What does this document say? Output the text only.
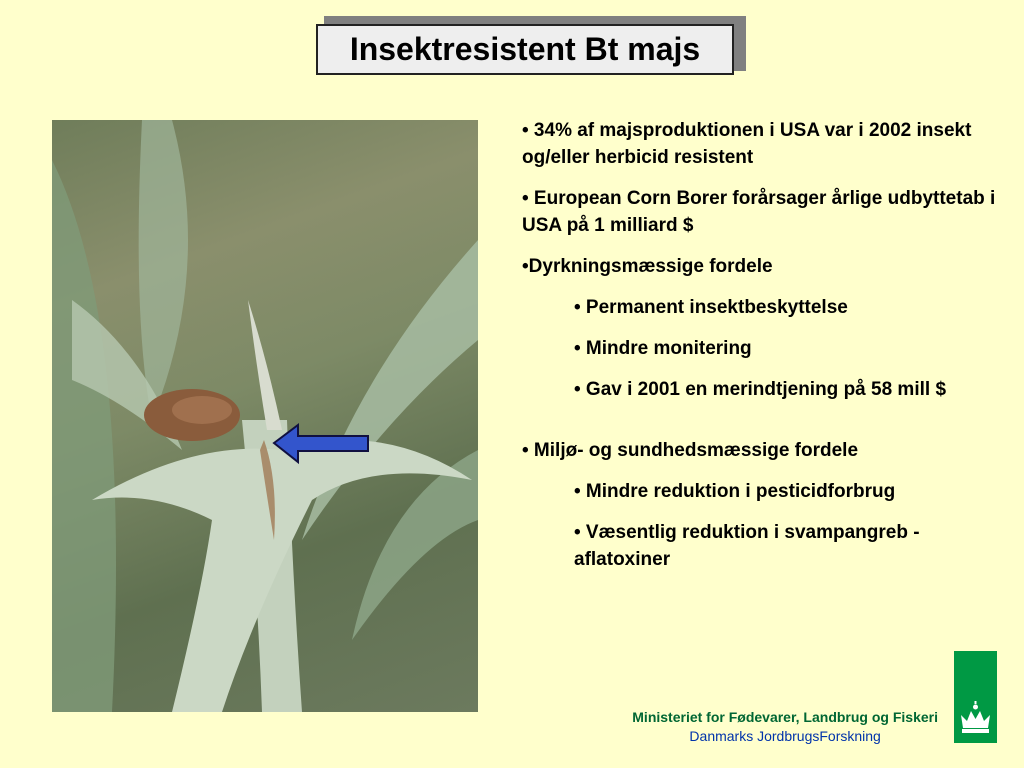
Insektresistent Bt majs

• 34% af majsproduktionen i USA var i 2002 insekt og/eller herbicid resistent

• European Corn Borer forårsager årlige udbyttetab i USA på 1 milliard $

•Dyrkningsmæssige fordele

• Permanent insektbeskyttelse

• Mindre monitering

• Gav i 2001 en merindtjening på 58 mill $

• Miljø- og sundhedsmæssige fordele

• Mindre reduktion i pesticidforbrug

• Væsentlig reduktion i svampangreb - aflatoxiner

Ministeriet for Fødevarer, Landbrug og Fiskeri
Danmarks JordbrugsForskning
